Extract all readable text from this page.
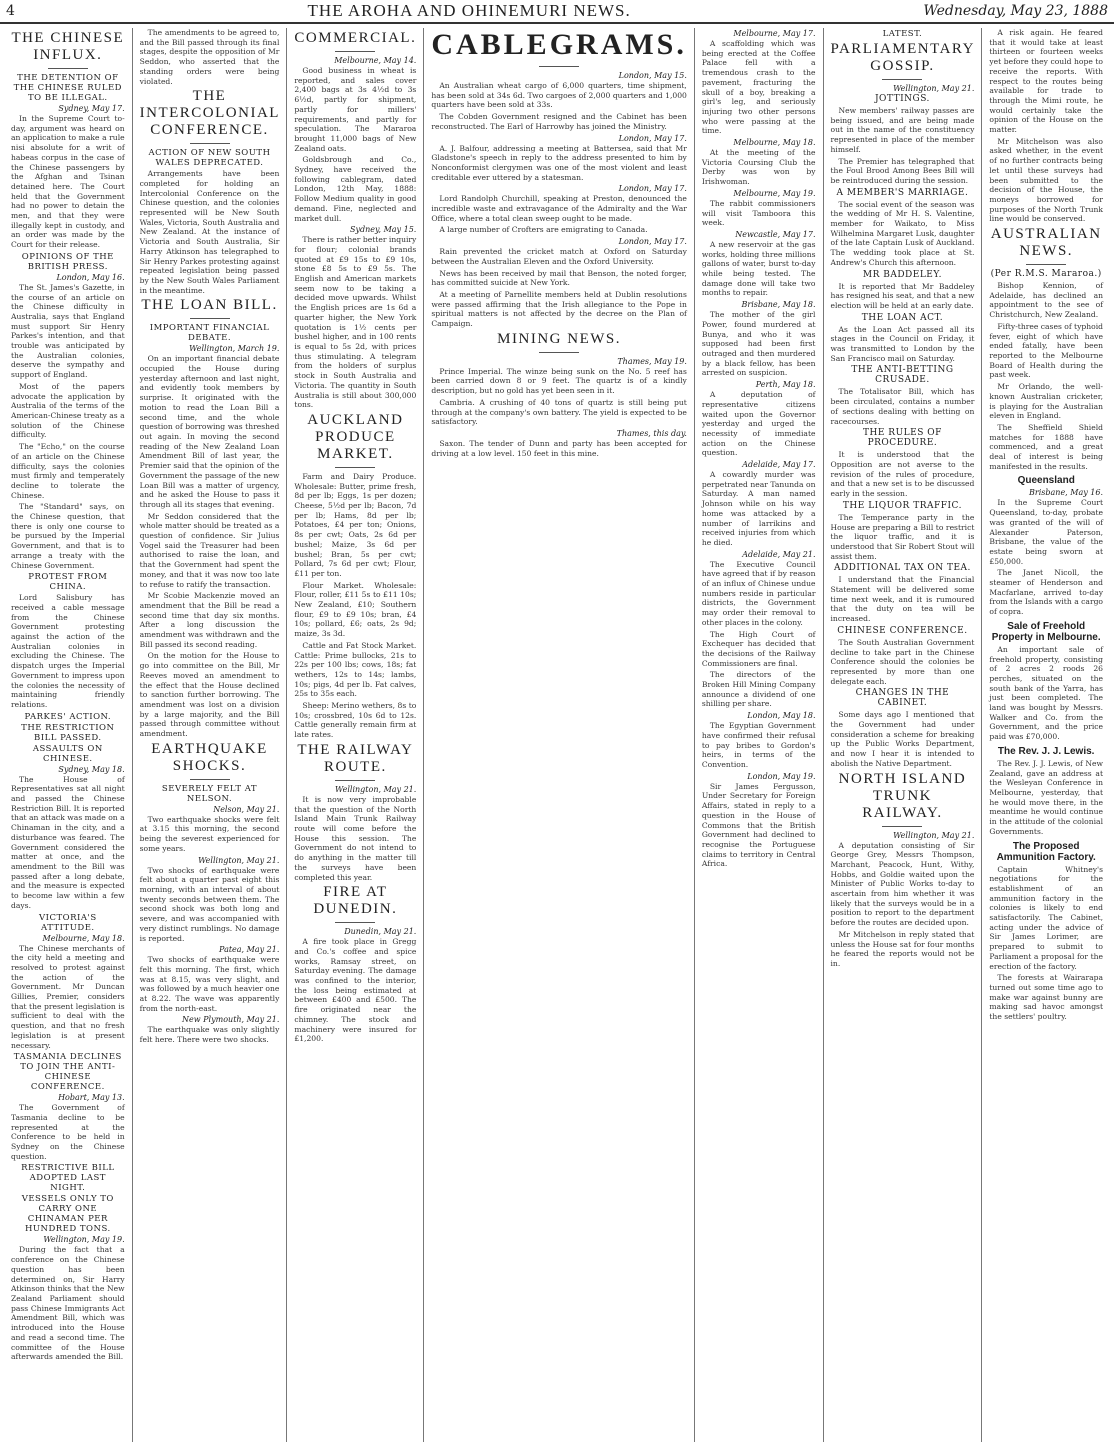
4	THE AROHA AND OHINEMURI NEWS.	Wednesday, May 23, 1888
THE CHINESE INFLUX.
THE DETENTION OF THE CHINESE RULED TO BE ILLEGAL.
Sydney, May 17.
In the Supreme Court to-day, argument was heard on an application to make a rule nisi absolute for a writ of habeas corpus in the case of the Chinese passengers by the Afghan and Tsinan detained here. The Court held that the Government had no power to detain the men, and that they were illegally kept in custody, and an order was made by the Court for their release.
OPINIONS OF THE BRITISH PRESS.
London, May 16.
The St. James's Gazette, in the course of an article on the Chinese difficulty in Australia, says that England must support Sir Henry Parkes's intention, and that trouble was anticipated by the Australian colonies, deserve the sympathy and support of England.
Most of the papers advocate the application by Australia of the terms of the American-Chinese treaty as a solution of the Chinese difficulty.
The "Echo," on the course of an article on the Chinese difficulty, says the colonies must firmly and temperately decline to tolerate the Chinese.
The "Standard" says, on the Chinese question, that there is only one course to be pursued by the Imperial Government, and that is to arrange a treaty with the Chinese Government.
PROTEST FROM CHINA.
Lord Salisbury has received a cable message from the Chinese Government protesting against the action of the Australian colonies in excluding the Chinese. The dispatch urges the Imperial Government to impress upon the colonies the necessity of maintaining friendly relations.
PARKES' ACTION.
THE RESTRICTION BILL PASSED.
ASSAULTS ON CHINESE.
Sydney, May 18.
The House of Representatives sat all night and passed the Chinese Restriction Bill. It is reported that an attack was made on a Chinaman in the city, and a disturbance was feared. The Government considered the matter at once, and the amendment to the Bill was passed after a long debate, and the measure is expected to become law within a few days.
VICTORIA'S ATTITUDE.
Melbourne, May 18.
The Chinese merchants of the city held a meeting and resolved to protest against the action of the Government. Mr Duncan Gillies, Premier, considers that the present legislation is sufficient to deal with the question, and that no fresh legislation is at present necessary.
TASMANIA DECLINES TO JOIN THE ANTI-CHINESE CONFERENCE.
Hobart, May 13.
The Government of Tasmania decline to be represented at the Conference to be held in Sydney on the Chinese question.
RESTRICTIVE BILL ADOPTED LAST NIGHT.
VESSELS ONLY TO CARRY ONE CHINAMAN PER HUNDRED TONS.
Wellington, May 19.
During the fact that a conference on the Chinese question has been determined on, Sir Harry Atkinson thinks that the New Zealand Parliament should pass Chinese Immigrants Act Amendment Bill, which was introduced into the House and read a second time. The committee of the House afterwards amended the Bill.
The amendments to be agreed to, and the Bill passed through its final stages, despite the opposition of Mr Seddon, who asserted that the standing orders were being violated.
THE INTERCOLONIAL CONFERENCE.
ACTION OF NEW SOUTH WALES DEPRECATED.
Arrangements have been completed for holding an Intercolonial Conference on the Chinese question, and the colonies represented will be New South Wales, Victoria, South Australia and New Zealand. At the instance of Victoria and South Australia, Sir Harry Atkinson has telegraphed to Sir Henry Parkes protesting against repeated legislation being passed by the New South Wales Parliament in the meantime.
THE LOAN BILL.
IMPORTANT FINANCIAL DEBATE.
Wellington, March 19.
On an important financial debate occupied the House during yesterday afternoon and last night, and evidently took members by surprise. It originated with the motion to read the Loan Bill a second time, and the whole question of borrowing was threshed out again. In moving the second reading of the New Zealand Loan Amendment Bill of last year, the Premier said that the opinion of the Government the passage of the new Loan Bill was a matter of urgency, and he asked the House to pass it through all its stages that evening.
Mr Seddon considered that the whole matter should be treated as a question of confidence. Sir Julius Vogel said the Treasurer had been authorised to raise the loan, and that the Government had spent the money, and that it was now too late to refuse to ratify the transaction.
Mr Scobie Mackenzie moved an amendment that the Bill be read a second time that day six months. After a long discussion the amendment was withdrawn and the Bill passed its second reading.
On the motion for the House to go into committee on the Bill, Mr Reeves moved an amendment to the effect that the House declined to sanction further borrowing. The amendment was lost on a division by a large majority, and the Bill passed through committee without amendment.
EARTHQUAKE SHOCKS.
SEVERELY FELT AT NELSON.
Nelson, May 21.
Two earthquake shocks were felt at 3.15 this morning, the second being the severest experienced for some years.
Wellington, May 21.
Two shocks of earthquake were felt about a quarter past eight this morning, with an interval of about twenty seconds between them. The second shock was both long and severe, and was accompanied with very distinct rumblings. No damage is reported.
Patea, May 21.
Two shocks of earthquake were felt this morning. The first, which was at 8.15, was very slight, and was followed by a much heavier one at 8.22. The wave was apparently from the north-east.
New Plymouth, May 21.
The earthquake was only slightly felt here. There were two shocks.
COMMERCIAL.
Melbourne, May 14.
Good business in wheat is reported, and sales cover 2,400 bags at 3s 4½d to 3s 6½d, partly for shipment, partly for millers' requirements, and partly for speculation. The Mararoa brought 11,000 bags of New Zealand oats.
Goldsbrough and Co., Sydney, have received the following cablegram, dated London, 12th May, 1888: Follow Medium quality in good demand. Fine, neglected and market dull.
Sydney, May 15.
There is rather better inquiry for flour; colonial brands quoted at £9 15s to £9 10s, stone £8 5s to £9 5s. The English and American markets seem now to be taking a decided move upwards. Whilst the English prices are 1s 6d a quarter higher, the New York quotation is 1½ cents per bushel higher, and in 100 rents is equal to 5s 2d, with prices thus stimulating. A telegram from the holders of surplus stock in South Australia and Victoria. The quantity in South Australia is still about 300,000 tons.
AUCKLAND PRODUCE MARKET.
Farm and Dairy Produce. Wholesale: Butter, prime fresh, 8d per lb; Eggs, 1s per dozen; Cheese, 5½d per lb; Bacon, 7d per lb; Hams, 8d per lb; Potatoes, £4 per ton; Onions, 8s per cwt; Oats, 2s 6d per bushel; Maize, 3s 6d per bushel; Bran, 5s per cwt; Pollard, 7s 6d per cwt; Flour, £11 per ton.
Flour Market. Wholesale: Flour, roller, £11 5s to £11 10s; New Zealand, £10; Southern flour, £9 to £9 10s; bran, £4 10s; pollard, £6; oats, 2s 9d; maize, 3s 3d.
Cattle and Fat Stock Market. Cattle: Prime bullocks, 21s to 22s per 100 lbs; cows, 18s; fat wethers, 12s to 14s; lambs, 10s; pigs, 4d per lb. Fat calves, 25s to 35s each.
Sheep: Merino wethers, 8s to 10s; crossbred, 10s 6d to 12s. Cattle generally remain firm at late rates.
THE RAILWAY ROUTE.
Wellington, May 21.
It is now very improbable that the question of the North Island Main Trunk Railway route will come before the House this session. The Government do not intend to do anything in the matter till the surveys have been completed this year.
FIRE AT DUNEDIN.
Dunedin, May 21.
A fire took place in Gregg and Co.'s coffee and spice works, Ramsay street, on Saturday evening. The damage was confined to the interior, the loss being estimated at between £400 and £500. The fire originated near the chimney. The stock and machinery were insured for £1,200.
CABLEGRAMS.
London, May 15.
An Australian wheat cargo of 6,000 quarters, time shipment, has been sold at 34s 6d. Two cargoes of 2,000 quarters and 1,000 quarters have been sold at 33s.
The Cobden Government resigned and the Cabinet has been reconstructed. The Earl of Harrowby has joined the Ministry.
London, May 17.
A. J. Balfour, addressing a meeting at Battersea, said that Mr Gladstone's speech in reply to the address presented to him by Nonconformist clergymen was one of the most violent and least creditable ever uttered by a statesman.
London, May 17.
Lord Randolph Churchill, speaking at Preston, denounced the incredible waste and extravagance of the Admiralty and the War Office, where a total clean sweep ought to be made.
A large number of Crofters are emigrating to Canada.
London, May 17.
Rain prevented the cricket match at Oxford on Saturday between the Australian Eleven and the Oxford University.
News has been received by mail that Benson, the noted forger, has committed suicide at New York.
At a meeting of Parnellite members held at Dublin resolutions were passed affirming that the Irish allegiance to the Pope in spiritual matters is not affected by the decree on the Plan of Campaign.
MINING NEWS.
Thames, May 19.
Prince Imperial. The winze being sunk on the No. 5 reef has been carried down 8 or 9 feet. The quartz is of a kindly description, but no gold has yet been seen in it.
Cambria. A crushing of 40 tons of quartz is still being put through at the company's own battery. The yield is expected to be satisfactory.
Thames, this day.
Saxon. The tender of Dunn and party has been accepted for driving at a low level. 150 feet in this mine.
Melbourne, May 17.
A scaffolding which was being erected at the Coffee Palace fell with a tremendous crash to the pavement, fracturing the skull of a boy, breaking a girl's leg, and seriously injuring two other persons who were passing at the time.
Melbourne, May 18.
At the meeting of the Victoria Coursing Club the Derby was won by Irishwoman.
Melbourne, May 19.
The rabbit commissioners will visit Tamboora this week.
Newcastle, May 17.
A new reservoir at the gas works, holding three millions gallons of water, burst to-day while being tested. The damage done will take two months to repair.
Brisbane, May 18.
The mother of the girl Power, found murdered at Bunya, and who it was supposed had been first outraged and then murdered by a black fellow, has been arrested on suspicion.
Perth, May 18.
A deputation of representative citizens waited upon the Governor yesterday and urged the necessity of immediate action on the Chinese question.
Adelaide, May 17.
A cowardly murder was perpetrated near Tanunda on Saturday. A man named Johnson while on his way home was attacked by a number of larrikins and received injuries from which he died.
Adelaide, May 21.
The Executive Council have agreed that if by reason of an influx of Chinese undue numbers reside in particular districts, the Government may order their removal to other places in the colony.
The High Court of Exchequer has decided that the decisions of the Railway Commissioners are final.
The directors of the Broken Hill Mining Company announce a dividend of one shilling per share.
London, May 18.
The Egyptian Government have confirmed their refusal to pay bribes to Gordon's heirs, in terms of the Convention.
London, May 19.
Sir James Fergusson, Under Secretary for Foreign Affairs, stated in reply to a question in the House of Commons that the British Government had declined to recognise the Portuguese claims to territory in Central Africa.
LATEST.
PARLIAMENTARY GOSSIP.
Wellington, May 21.
JOTTINGS.
New members' railway passes are being issued, and are being made out in the name of the constituency represented in place of the member himself.
The Premier has telegraphed that the Foul Brood Among Bees Bill will be reintroduced during the session.
A MEMBER'S MARRIAGE.
The social event of the season was the wedding of Mr H. S. Valentine, member for Waikato, to Miss Wilhelmina Margaret Lusk, daughter of the late Captain Lusk of Auckland. The wedding took place at St. Andrew's Church this afternoon.
MR BADDELEY.
It is reported that Mr Baddeley has resigned his seat, and that a new election will be held at an early date.
THE LOAN ACT.
As the Loan Act passed all its stages in the Council on Friday, it was transmitted to London by the San Francisco mail on Saturday.
THE ANTI-BETTING CRUSADE.
The Totalisator Bill, which has been circulated, contains a number of sections dealing with betting on racecourses.
THE RULES OF PROCEDURE.
It is understood that the Opposition are not averse to the revision of the rules of procedure, and that a new set is to be discussed early in the session.
THE LIQUOR TRAFFIC.
The Temperance party in the House are preparing a Bill to restrict the liquor traffic, and it is understood that Sir Robert Stout will assist them.
ADDITIONAL TAX ON TEA.
I understand that the Financial Statement will be delivered some time next week, and it is rumoured that the duty on tea will be increased.
CHINESE CONFERENCE.
The South Australian Government decline to take part in the Chinese Conference should the colonies be represented by more than one delegate each.
CHANGES IN THE CABINET.
Some days ago I mentioned that the Government had under consideration a scheme for breaking up the Public Works Department, and now I hear it is intended to abolish the Native Department.
NORTH ISLAND TRUNK RAILWAY.
Wellington, May 21.
A deputation consisting of Sir George Grey, Messrs Thompson, Marchant, Peacock, Hunt, Withy, Hobbs, and Goldie waited upon the Minister of Public Works to-day to ascertain from him whether it was likely that the surveys would be in a position to report to the department before the routes are decided upon.
Mr Mitchelson in reply stated that unless the House sat for four months he feared the reports would not be in.
A risk again. He feared that it would take at least thirteen or fourteen weeks yet before they could hope to receive the reports. With respect to the routes being available for trade to through the Mimi route, he would certainly take the opinion of the House on the matter.
Mr Mitchelson was also asked whether, in the event of no further contracts being let until these surveys had been submitted to the decision of the House, the moneys borrowed for purposes of the North Trunk line would be conserved.
AUSTRALIAN NEWS.
(Per R.M.S. Mararoa.)
Bishop Kennion, of Adelaide, has declined an appointment to the see of Christchurch, New Zealand.
Fifty-three cases of typhoid fever, eight of which have ended fatally, have been reported to the Melbourne Board of Health during the past week.
Mr Orlando, the well-known Australian cricketer, is playing for the Australian eleven in England.
The Sheffield Shield matches for 1888 have commenced, and a great deal of interest is being manifested in the results.
Queensland
Brisbane, May 16.
In the Supreme Court Queensland, to-day, probate was granted of the will of Alexander Paterson, Brisbane, the value of the estate being sworn at £50,000.
The Janet Nicoll, the steamer of Henderson and Macfarlane, arrived to-day from the Islands with a cargo of copra.
Sale of Freehold Property in Melbourne.
An important sale of freehold property, consisting of 2 acres 2 roods 26 perches, situated on the south bank of the Yarra, has just been completed. The land was bought by Messrs. Walker and Co. from the Government, and the price paid was £70,000.
The Rev. J. J. Lewis.
The Rev. J. J. Lewis, of New Zealand, gave an address at the Wesleyan Conference in Melbourne, yesterday, that he would move there, in the meantime he would continue in the attitude of the colonial Governments.
The Proposed Ammunition Factory.
Captain Whitney's negotiations for the establishment of an ammunition factory in the colonies is likely to end satisfactorily. The Cabinet, acting under the advice of Sir James Lorimer, are prepared to submit to Parliament a proposal for the erection of the factory.
The forests at Wairarapa turned out some time ago to make war against bunny are making sad havoc amongst the settlers' poultry.
